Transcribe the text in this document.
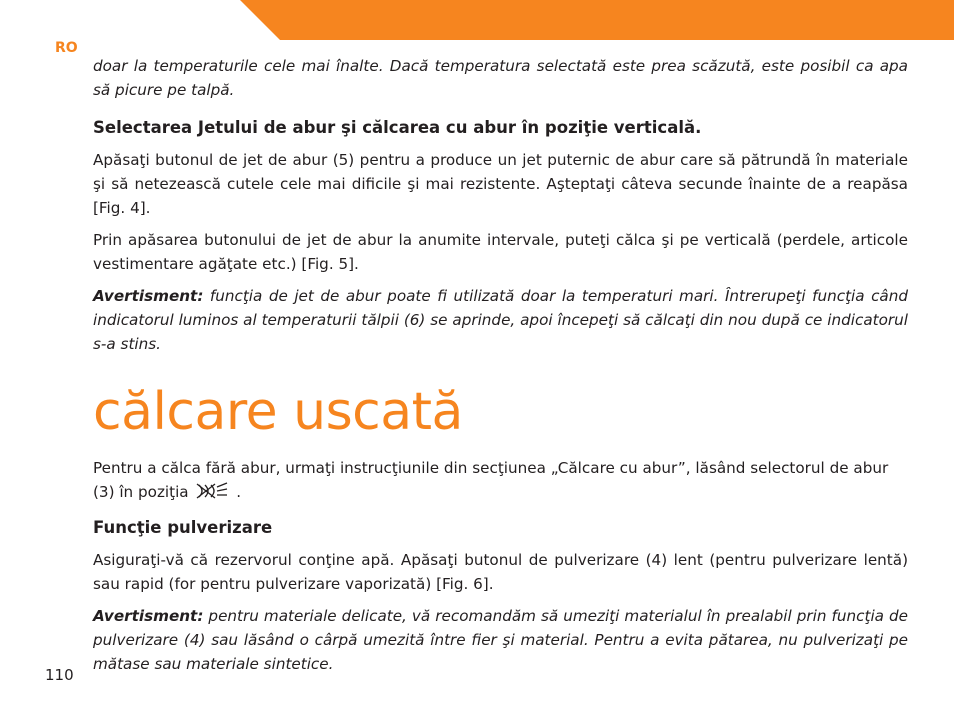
RO

doar la temperaturile cele mai înalte. Dacă temperatura selectată este prea scăzută, este posibil ca apa să picure pe talpă.

Selectarea Jetului de abur şi călcarea cu abur în poziţie verticală.

Apăsaţi butonul de jet de abur (5) pentru a produce un jet puternic de abur care să pătrundă în materiale şi să netezească cutele cele mai dificile şi mai rezistente. Aşteptaţi câteva secunde înainte de a reapăsa [Fig. 4].

Prin apăsarea butonului de jet de abur la anumite intervale, puteţi călca şi pe verticală (perdele, articole vestimentare agăţate etc.) [Fig. 5].

Avertisment: funcţia de jet de abur poate fi utilizată doar la temperaturi mari. Întrerupeţi funcţia când indicatorul luminos al temperaturii tălpii (6) se aprinde, apoi începeţi să călcaţi din nou după ce indicatorul s-a stins.

călcare uscată

Pentru a călca fără abur, urmaţi instrucţiunile din secţiunea „Călcare cu abur”, lăsând selectorul de abur (3) în poziţia	.

Funcţie pulverizare

Asiguraţi-vă că rezervorul conţine apă. Apăsaţi butonul de pulverizare (4) lent (pentru pulverizare lentă) sau rapid (for pentru pulverizare vaporizată) [Fig. 6].

Avertisment: pentru materiale delicate, vă recomandăm să umeziţi materialul în prealabil prin funcţia de pulverizare (4) sau lăsând o cârpă umezită între fier şi material. Pentru a evita pătarea, nu pulverizaţi pe mătase sau materiale sintetice.

110
